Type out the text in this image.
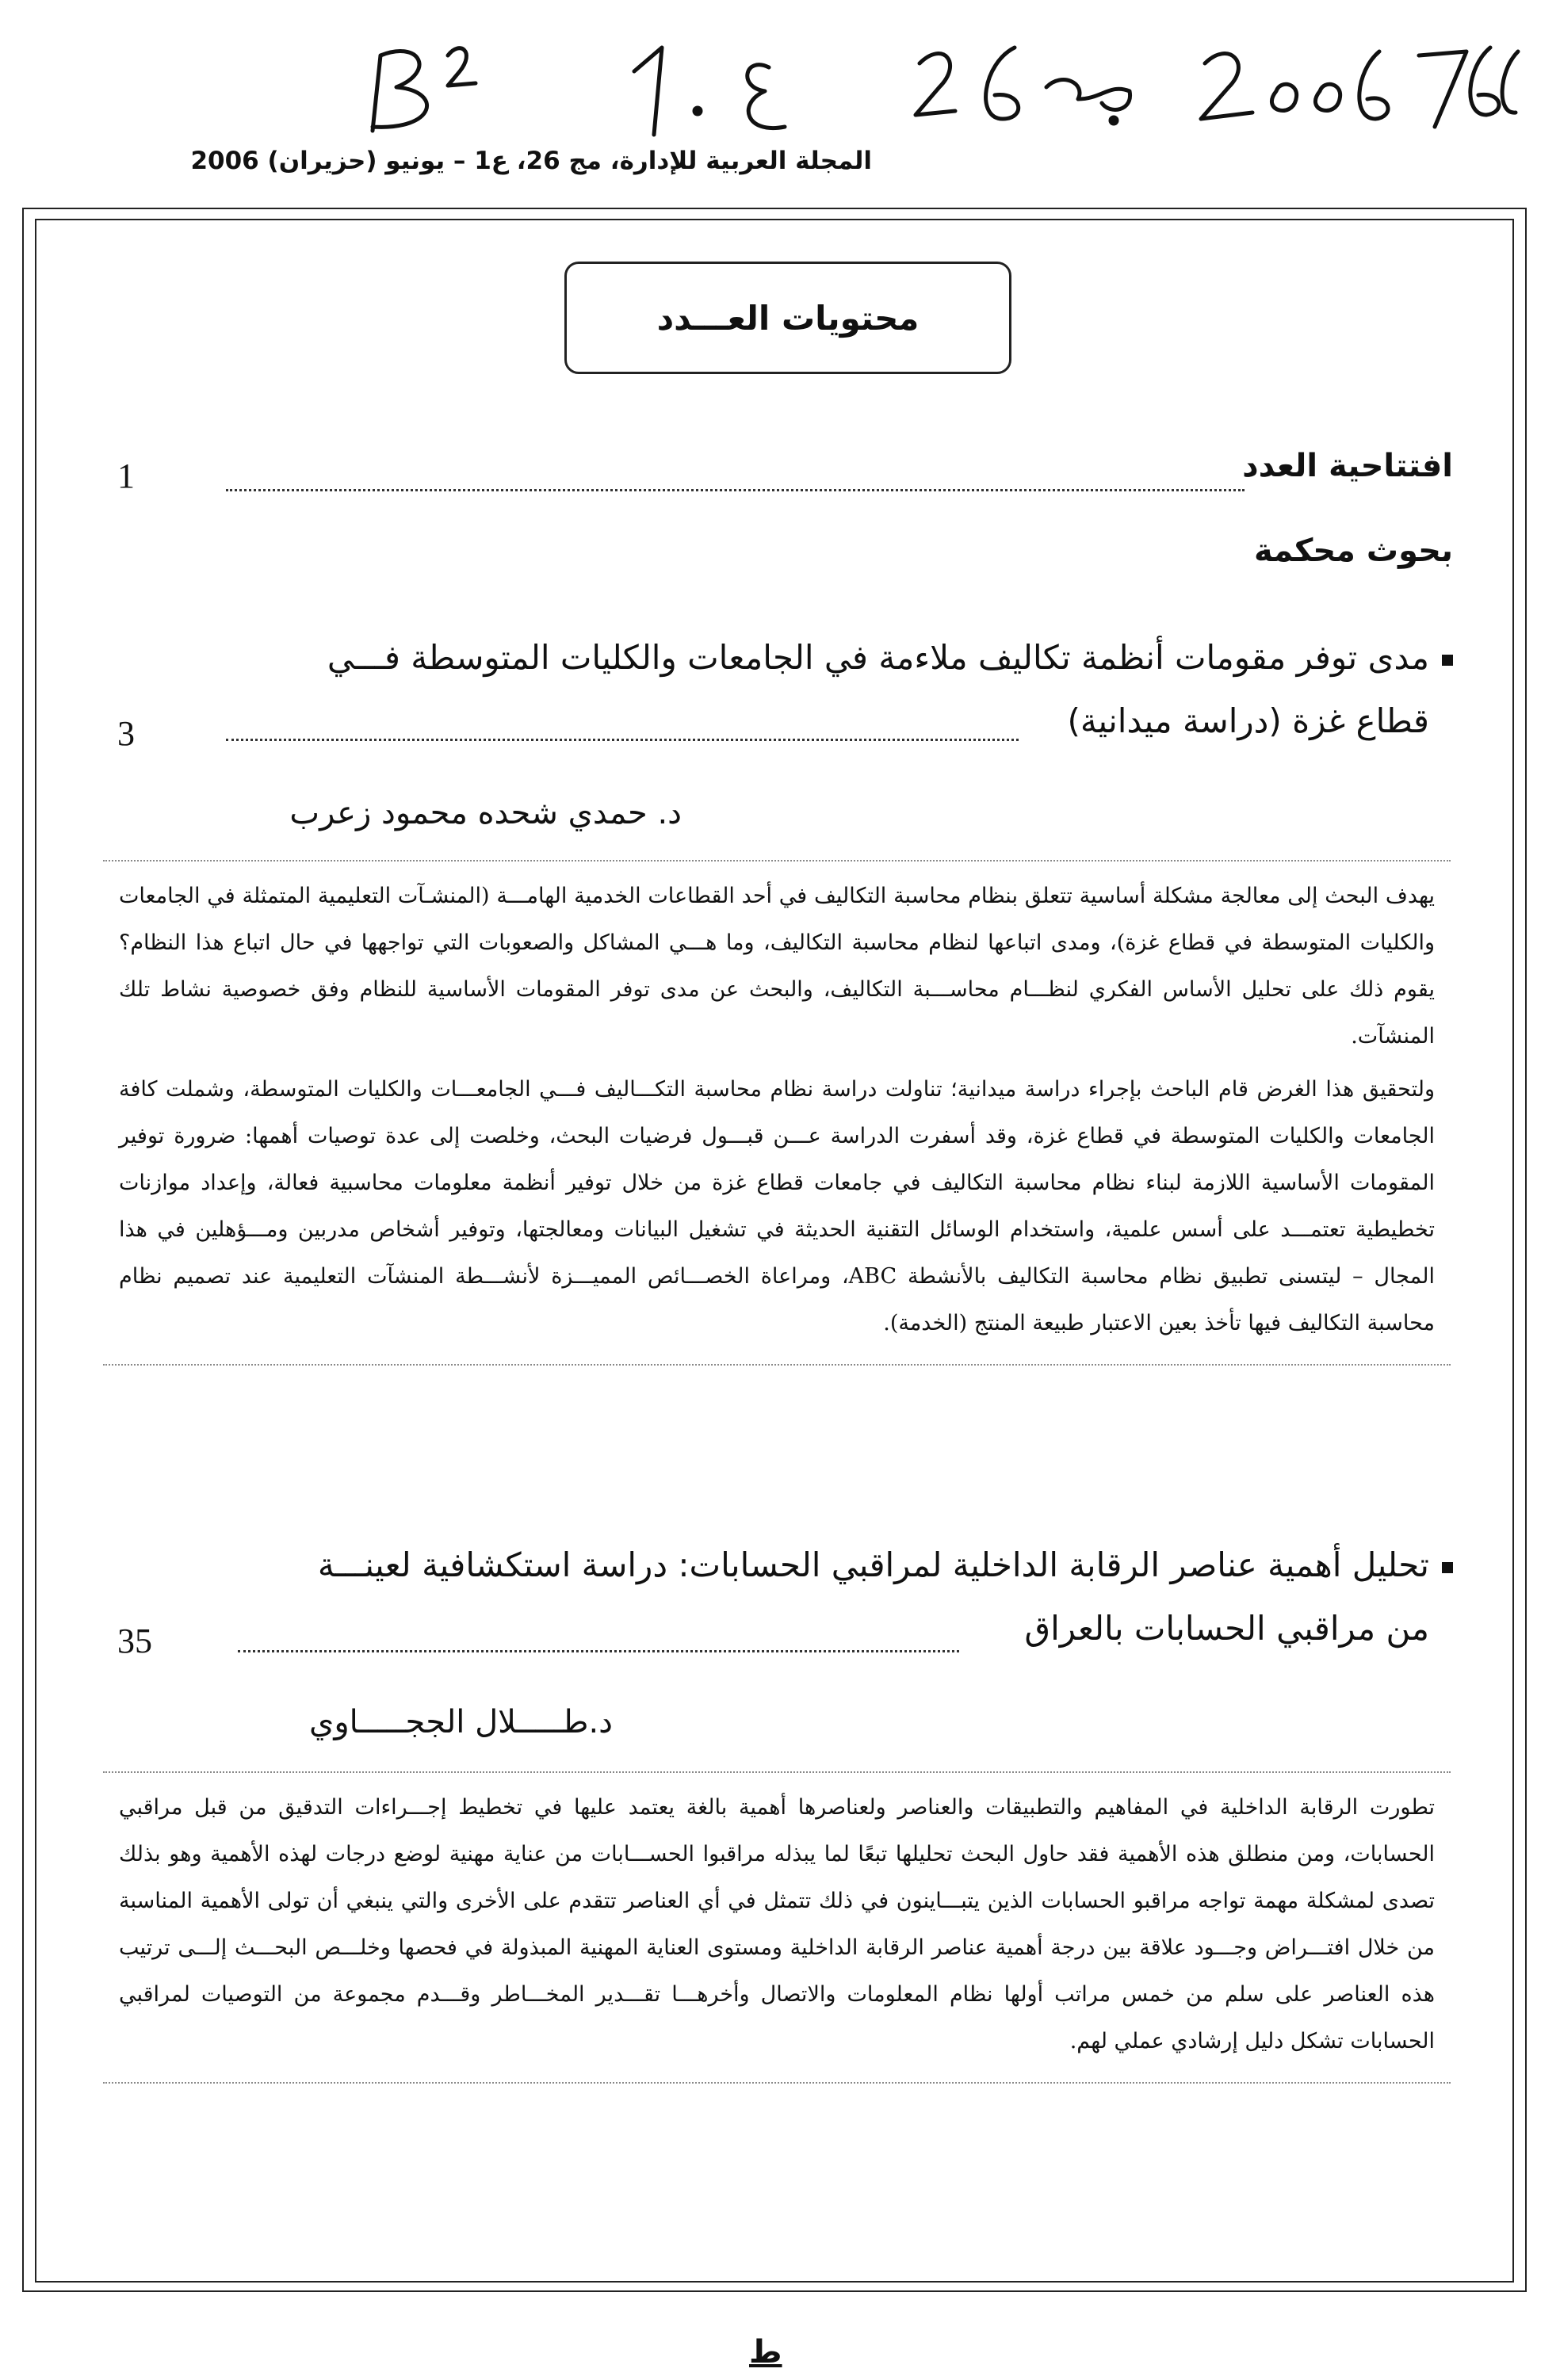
المجلة العربية للإدارة، مج 26، ع1 – يونيو (حزيران) 2006
محتويات العـــدد
افتتاحية العدد
1
بحوث محكمة
مدى توفر مقومات أنظمة تكاليف ملاءمة في الجامعات والكليات المتوسطة فـــي
قطاع غزة (دراسة ميدانية)
3
د. حمدي شحده محمود زعرب

يهدف البحث إلى معالجة مشكلة أساسية تتعلق بنظام محاسبة التكاليف في أحد القطاعات الخدمية الهامـــة (المنشـآت التعليمية المتمثلة في الجامعات والكليات المتوسطة في قطاع غزة)، ومدى اتباعها لنظام محاسبة التكاليف، وما هـــي المشاكل والصعوبات التي تواجهها في حال اتباع هذا النظام؟ يقوم ذلك على تحليل الأساس الفكري لنظـــام محاســـبة التكاليف، والبحث عن مدى توفر المقومات الأساسية للنظام وفق خصوصية نشاط تلك المنشآت.

ولتحقيق هذا الغرض قام الباحث بإجراء دراسة ميدانية؛ تناولت دراسة نظام محاسبة التكـــاليف فـــي الجامعـــات والكليات المتوسطة، وشملت كافة الجامعات والكليات المتوسطة في قطاع غزة، وقد أسفرت الدراسة عـــن قبـــول فرضيات البحث، وخلصت إلى عدة توصيات أهمها: ضرورة توفير المقومات الأساسية اللازمة لبناء نظام محاسبة التكاليف في جامعات قطاع غزة من خلال توفير أنظمة معلومات محاسبية فعالة، وإعداد موازنات تخطيطية تعتمـــد على أسس علمية، واستخدام الوسائل التقنية الحديثة في تشغيل البيانات ومعالجتها، وتوفير أشخاص مدربين ومـــؤهلين في هذا المجال – ليتسنى تطبيق نظام محاسبة التكاليف بالأنشطة ABC، ومراعاة الخصـــائص المميـــزة لأنشـــطة المنشآت التعليمية عند تصميم نظام محاسبة التكاليف فيها تأخذ بعين الاعتبار طبيعة المنتج (الخدمة).

تحليل أهمية عناصر الرقابة الداخلية لمراقبي الحسابات: دراسة استكشافية لعينـــة
من مراقبي الحسابات بالعراق
35
د.طـــــلال الججـــــاوي

تطورت الرقابة الداخلية في المفاهيم والتطبيقات والعناصر ولعناصرها أهمية بالغة يعتمد عليها في تخطيط إجـــراءات التدقيق من قبل مراقبي الحسابات، ومن منطلق هذه الأهمية فقد حاول البحث تحليلها تبعًا لما يبذله مراقبوا الحســـابات من عناية مهنية لوضع درجات لهذه الأهمية وهو بذلك تصدى لمشكلة مهمة تواجه مراقبو الحسابات الذين يتبـــاينون في ذلك تتمثل في أي العناصر تتقدم على الأخرى والتي ينبغي أن تولى الأهمية المناسبة من خلال افتـــراض وجـــود علاقة بين درجة أهمية عناصر الرقابة الداخلية ومستوى العناية المهنية المبذولة في فحصها وخلـــص البحـــث إلـــى ترتيب هذه العناصر على سلم من خمس مراتب أولها نظام المعلومات والاتصال وأخرهـــا تقـــدير المخـــاطر وقـــدم مجموعة من التوصيات لمراقبي الحسابات تشكل دليل إرشادي عملي لهم.

ط
